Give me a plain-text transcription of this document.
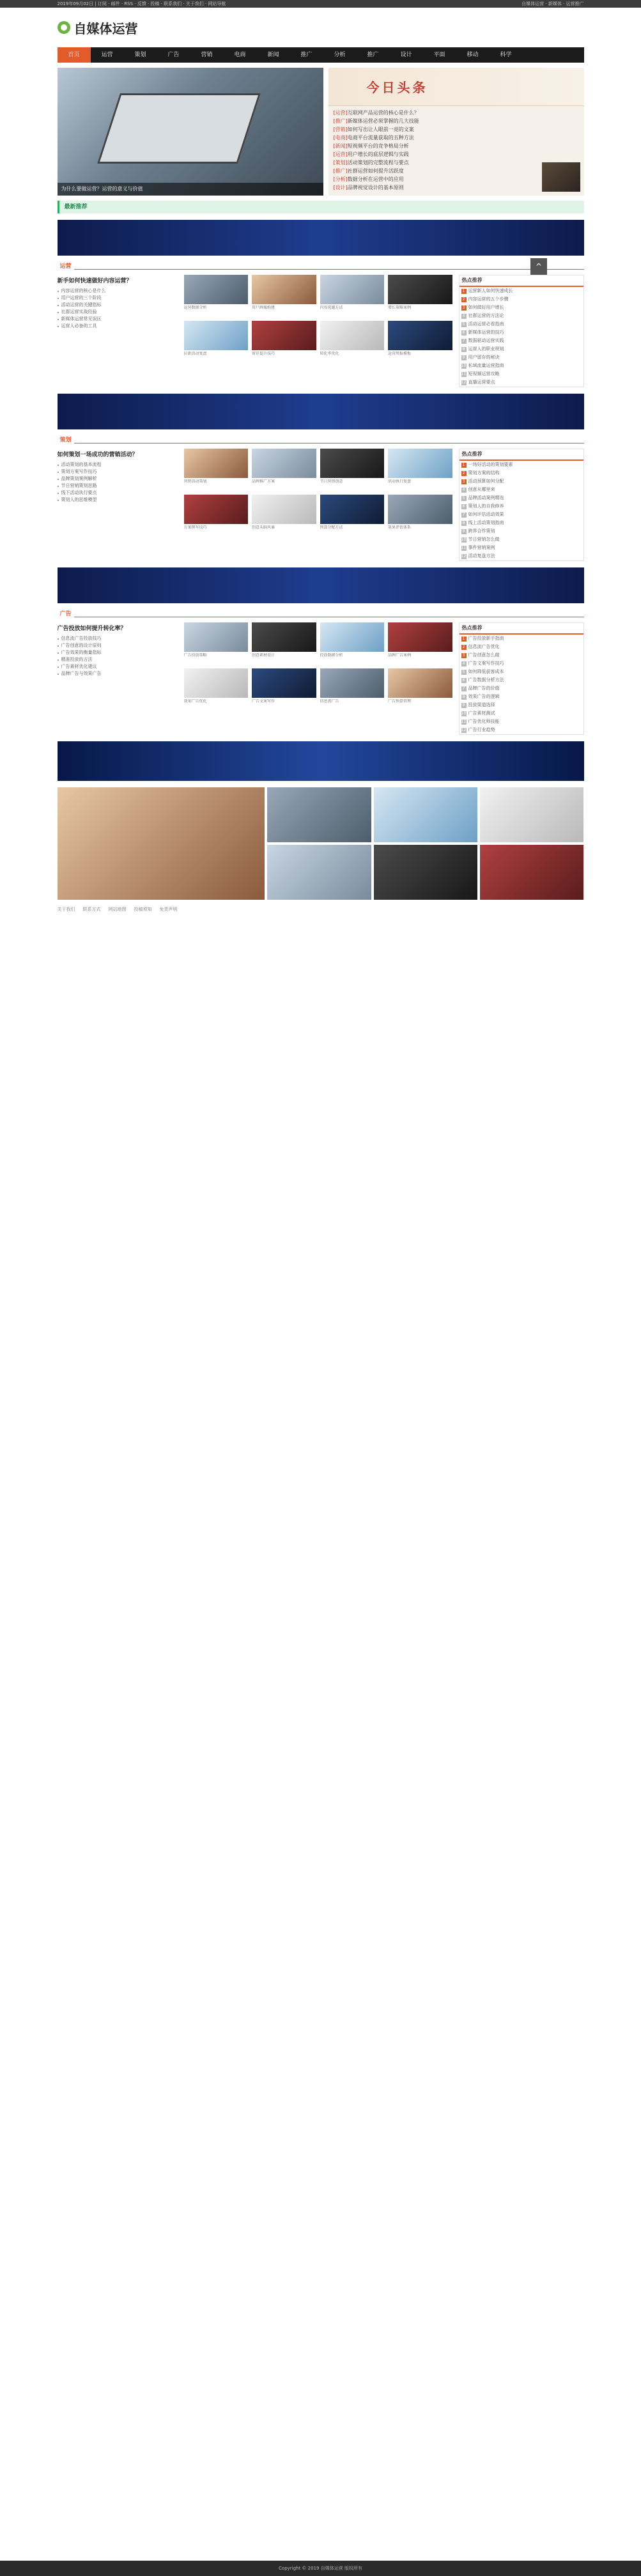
2019年09月02日 | 订阅 · 邮件 · RSS · 反馈 · 投稿 · 联系我们 · 关于我们 · 网站导航	自媒体运营 · 新媒体 · 运营推广
自媒体运营
首页	运营	策划	广告	营销	电商	新闻	推广	分析	推广	设计	平面	移动	科学
为什么要做运营？运营的意义与价值
今日头条
[运营]互联网产品运营的核心是什么？
[推广]新媒体运营必须掌握的几大技能
[营销]如何写出让人眼前一亮的文案
[电商]电商平台流量获取的五种方法
[新闻]短视频平台的竞争格局分析
[运营]用户增长的底层逻辑与实践
[策划]活动策划的完整流程与要点
[推广]社群运营如何提升活跃度
[分析]数据分析在运营中的应用
[设计]品牌视觉设计的基本原则
最新推荐
运营
新手如何快速做好内容运营？
内容运营的核心是什么
用户运营的三个阶段
活动运营的关键指标
社群运营实战经验
新媒体运营常见误区
运营人必备的工具
运营数据分析	用户画像构建	内容选题方法	增长策略案例
拉新活动复盘	留存提升技巧	转化率优化	运营周报模板
热点推荐
1 运营新人如何快速成长
2 内容运营的五个步骤
3 如何做好用户增长
4 社群运营的方法论
5 活动运营必看指南
6 新媒体运营的技巧
7 数据驱动运营实践
8 运营人的职业规划
9 用户留存的秘诀
10 私域流量运营指南
11 短视频运营攻略
12 直播运营要点
策划
如何策划一场成功的营销活动？
活动策划的基本流程
策划方案写作技巧
品牌策划案例解析
节日营销策划思路
线下活动执行要点
策划人的思维模型
营销活动策划	品牌推广方案	节日营销创意	活动执行复盘
方案撰写技巧	创意头脑风暴	预算分配方法	效果评估体系
热点推荐
1 一场好活动的策划要素
2 策划方案的结构
3 活动预算如何分配
4 创意从哪里来
5 品牌活动案例精选
6 策划人的自我修养
7 如何评估活动效果
8 线上活动策划指南
9 跨界合作策划
10 节日营销怎么做
11 事件营销案例
12 活动复盘方法
广告
广告投放如何提升转化率？
信息流广告投放技巧
广告创意的设计原则
广告效果的衡量指标
精准投放的方法
广告素材优化建议
品牌广告与效果广告
广告投放策略	创意素材设计	投放数据分析	品牌广告案例
效果广告优化	广告文案写作	信息流广告	广告预算管理
热点推荐
1 广告投放新手指南
2 信息流广告优化
3 广告创意怎么做
4 广告文案写作技巧
5 如何降低获客成本
6 广告数据分析方法
7 品牌广告的价值
8 效果广告的逻辑
9 投放渠道选择
10 广告素材测试
11 广告优化师技能
12 广告行业趋势
关于我们 联系方式 网站地图 投稿须知 免责声明
^
Copyright © 2019 自媒体运营 版权所有
